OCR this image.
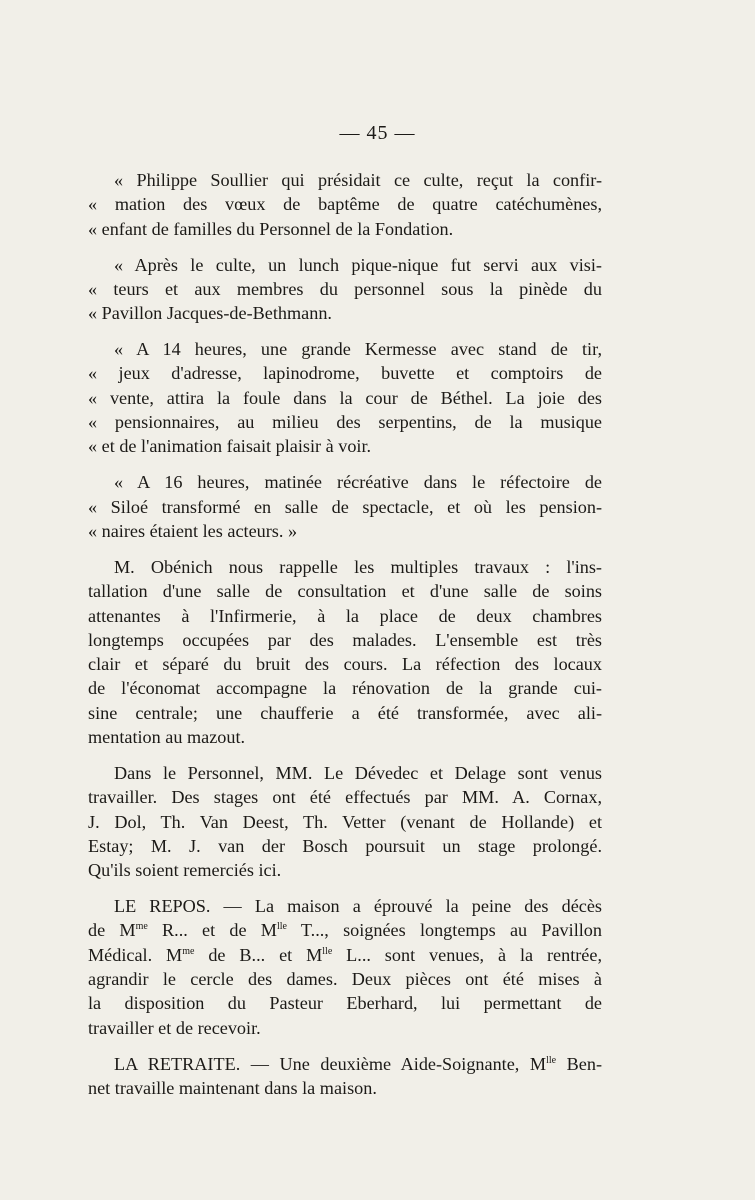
— 45 —
« Philippe Soullier qui présidait ce culte, reçut la confir-
« mation des vœux de baptême de quatre catéchumènes,
« enfant de familles du Personnel de la Fondation.
« Après le culte, un lunch pique-nique fut servi aux visi-
« teurs et aux membres du personnel sous la pinède du
« Pavillon Jacques-de-Bethmann.
« A 14 heures, une grande Kermesse avec stand de tir,
« jeux d'adresse, lapinodrome, buvette et comptoirs de
« vente, attira la foule dans la cour de Béthel. La joie des
« pensionnaires, au milieu des serpentins, de la musique
« et de l'animation faisait plaisir à voir.
« A 16 heures, matinée récréative dans le réfectoire de
« Siloé transformé en salle de spectacle, et où les pension-
« naires étaient les acteurs. »
M. Obénich nous rappelle les multiples travaux : l'ins-
tallation d'une salle de consultation et d'une salle de soins
attenantes à l'Infirmerie, à la place de deux chambres
longtemps occupées par des malades. L'ensemble est très
clair et séparé du bruit des cours. La réfection des locaux
de l'économat accompagne la rénovation de la grande cui-
sine centrale; une chaufferie a été transformée, avec ali-
mentation au mazout.
Dans le Personnel, MM. Le Dévedec et Delage sont venus
travailler. Des stages ont été effectués par MM. A. Cornax,
J. Dol, Th. Van Deest, Th. Vetter (venant de Hollande) et
Estay; M. J. van der Bosch poursuit un stage prolongé.
Qu'ils soient remerciés ici.
LE REPOS. — La maison a éprouvé la peine des décès
de $M^{me}$ R... et de $M^{lle}$ T..., soignées longtemps au Pavillon
Médical. $M^{me}$ de B... et $M^{lle}$ L... sont venues, à la rentrée,
agrandir le cercle des dames. Deux pièces ont été mises à
la disposition du Pasteur Eberhard, lui permettant de
travailler et de recevoir.
LA RETRAITE. — Une deuxième Aide-Soignante, $M^{lle}$ Ben-
net travaille maintenant dans la maison.
